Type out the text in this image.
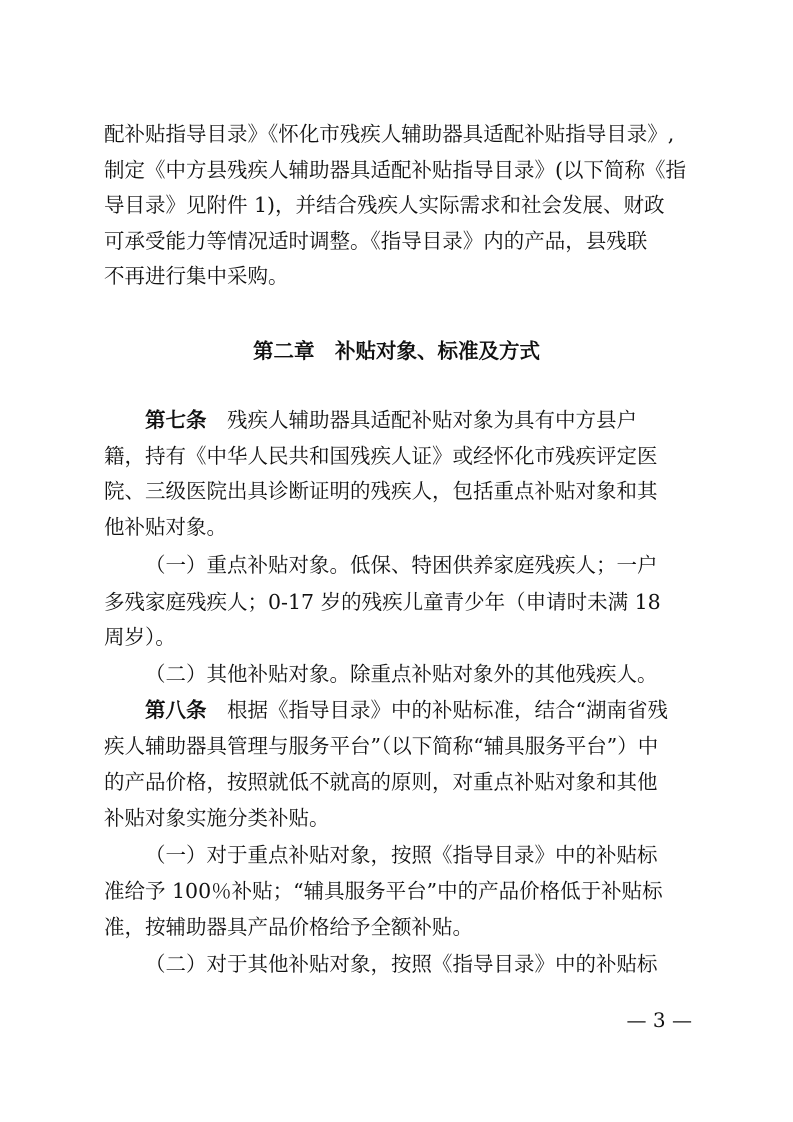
配补贴指导目录》《怀化市残疾人辅助器具适配补贴指导目录》,
制定《中方县残疾人辅助器具适配补贴指导目录》(以下简称《指
导目录》见附件 1)，并结合残疾人实际需求和社会发展、财政
可承受能力等情况适时调整。《指导目录》内的产品，县残联
不再进行集中采购。
第二章　补贴对象、标准及方式
第七条　残疾人辅助器具适配补贴对象为具有中方县户
籍，持有《中华人民共和国残疾人证》或经怀化市残疾评定医
院、三级医院出具诊断证明的残疾人，包括重点补贴对象和其
他补贴对象。
（一）重点补贴对象。低保、特困供养家庭残疾人；一户
多残家庭残疾人；0-17 岁的残疾儿童青少年（申请时未满 18
周岁）。
（二）其他补贴对象。除重点补贴对象外的其他残疾人。
第八条　根据《指导目录》中的补贴标准，结合“湖南省残
疾人辅助器具管理与服务平台”（以下简称“辅具服务平台”）中
的产品价格，按照就低不就高的原则，对重点补贴对象和其他
补贴对象实施分类补贴。
（一）对于重点补贴对象，按照《指导目录》中的补贴标
准给予 100％补贴；“辅具服务平台”中的产品价格低于补贴标
准，按辅助器具产品价格给予全额补贴。
（二）对于其他补贴对象，按照《指导目录》中的补贴标
— 3 —
